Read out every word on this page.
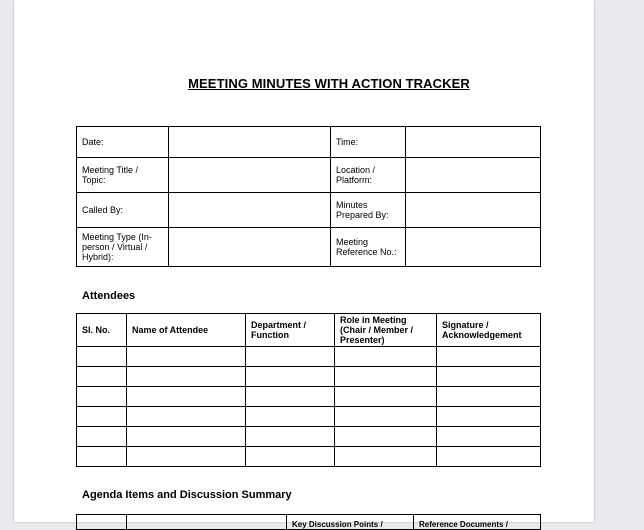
MEETING MINUTES WITH ACTION TRACKER
Date:		Time:	
Meeting Title / Topic:		Location / Platform:	
Called By:		Minutes Prepared By:	
Meeting Type (In-person / Virtual / Hybrid):		Meeting Reference No.:	
Attendees
Sl. No.	Name of Attendee	Department / Function	Role in Meeting (Chair / Member / Presenter)	Signature / Acknowledgement

Agenda Items and Discussion Summary
		Key Discussion Points /	Reference Documents /
